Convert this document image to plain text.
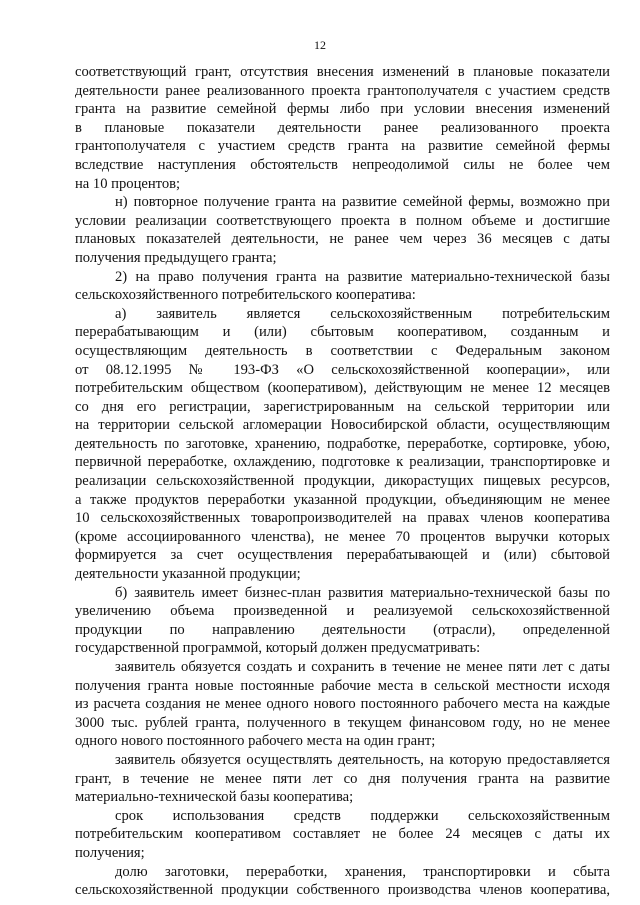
12
соответствующий грант, отсутствия внесения изменений в плановые показатели
деятельности ранее реализованного проекта грантополучателя с участием средств
гранта на развитие семейной фермы либо при условии внесения изменений
в плановые показатели деятельности ранее реализованного проекта
грантополучателя с участием средств гранта на развитие семейной фермы
вследствие наступления обстоятельств непреодолимой силы не более чем
на 10 процентов;
н) повторное получение гранта на развитие семейной фермы, возможно при
условии реализации соответствующего проекта в полном объеме и достигшие
плановых показателей деятельности, не ранее чем через 36 месяцев с даты
получения предыдущего гранта;
2) на право получения гранта на развитие материально-технической базы
сельскохозяйственного потребительского кооператива:
а) заявитель является сельскохозяйственным потребительским
перерабатывающим и (или) сбытовым кооперативом, созданным и
осуществляющим деятельность в соответствии с Федеральным законом
от 08.12.1995 № 193-ФЗ «О сельскохозяйственной кооперации», или
потребительским обществом (кооперативом), действующим не менее 12 месяцев
со дня его регистрации, зарегистрированным на сельской территории или
на территории сельской агломерации Новосибирской области, осуществляющим
деятельность по заготовке, хранению, подработке, переработке, сортировке, убою,
первичной переработке, охлаждению, подготовке к реализации, транспортировке и
реализации сельскохозяйственной продукции, дикорастущих пищевых ресурсов,
а также продуктов переработки указанной продукции, объединяющим не менее
10 сельскохозяйственных товаропроизводителей на правах членов кооператива
(кроме ассоциированного членства), не менее 70 процентов выручки которых
формируется за счет осуществления перерабатывающей и (или) сбытовой
деятельности указанной продукции;
б) заявитель имеет бизнес-план развития материально-технической базы по
увеличению объема произведенной и реализуемой сельскохозяйственной
продукции по направлению деятельности (отрасли), определенной
государственной программой, который должен предусматривать:
заявитель обязуется создать и сохранить в течение не менее пяти лет с даты
получения гранта новые постоянные рабочие места в сельской местности исходя
из расчета создания не менее одного нового постоянного рабочего места на каждые
3000 тыс. рублей гранта, полученного в текущем финансовом году, но не менее
одного нового постоянного рабочего места на один грант;
заявитель обязуется осуществлять деятельность, на которую предоставляется
грант, в течение не менее пяти лет со дня получения гранта на развитие
материально-технической базы кооператива;
срок использования средств поддержки сельскохозяйственным
потребительским кооперативом составляет не более 24 месяцев с даты их
получения;
долю заготовки, переработки, хранения, транспортировки и сбыта
сельскохозяйственной продукции собственного производства членов кооператива,
